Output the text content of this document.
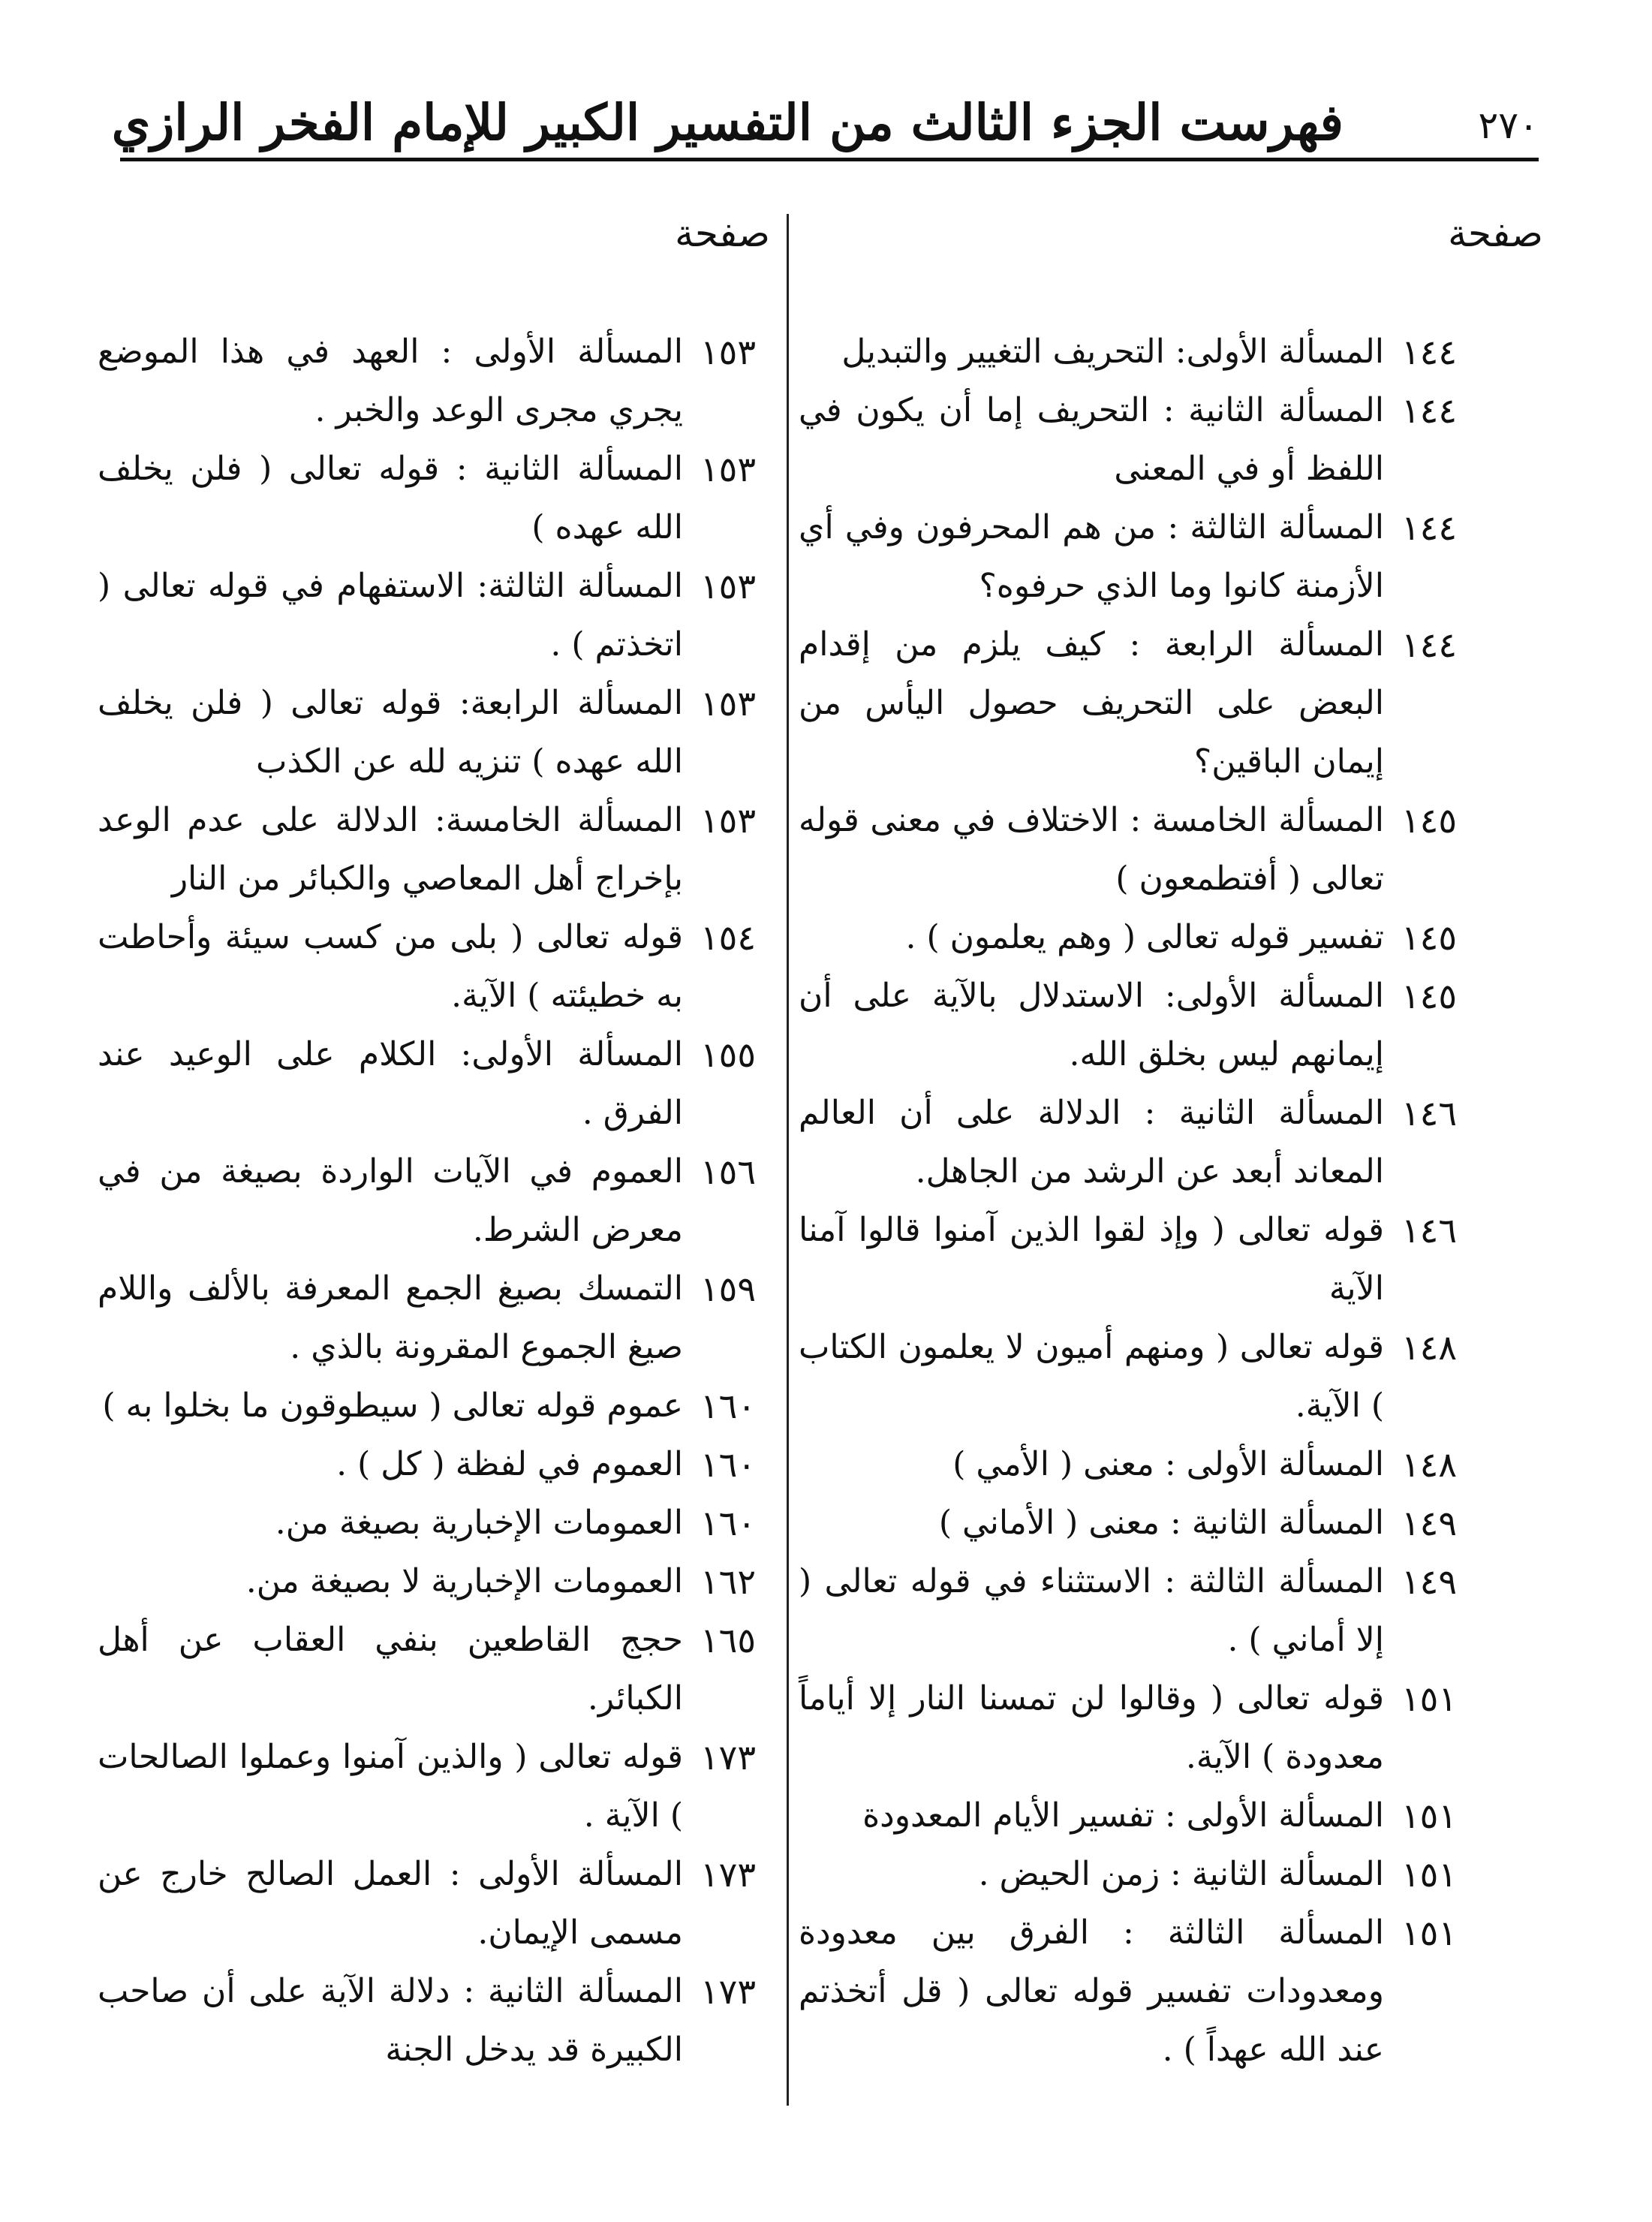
فهرست الجزء الثالث من التفسير الكبير للإمام الفخر الرازي	٢٧٠
صفحة
صفحة
١٤٤
المسألة الأولى: التحريف التغيير والتبديل
١٤٤
المسألة الثانية : التحريف إما أن يكون في اللفظ أو في المعنى
١٤٤
المسألة الثالثة : من هم المحرفون وفي أي الأزمنة كانوا وما الذي حرفوه؟
١٤٤
المسألة الرابعة : كيف يلزم من إقدام البعض على التحريف حصول اليأس من إيمان الباقين؟
١٤٥
المسألة الخامسة : الاختلاف في معنى قوله تعالى ( أفتطمعون )
١٤٥
تفسير قوله تعالى ( وهم يعلمون ) .
١٤٥
المسألة الأولى: الاستدلال بالآية على أن إيمانهم ليس بخلق الله.
١٤٦
المسألة الثانية : الدلالة على أن العالم المعاند أبعد عن الرشد من الجاهل.
١٤٦
قوله تعالى ( وإذ لقوا الذين آمنوا قالوا آمنا الآية
١٤٨
قوله تعالى ( ومنهم أميون لا يعلمون الكتاب ) الآية.
١٤٨
المسألة الأولى : معنى ( الأمي )
١٤٩
المسألة الثانية : معنى ( الأماني )
١٤٩
المسألة الثالثة : الاستثناء في قوله تعالى ( إلا أماني ) .
١٥١
قوله تعالى ( وقالوا لن تمسنا النار إلا أياماً معدودة ) الآية.
١٥١
المسألة الأولى : تفسير الأيام المعدودة
١٥١
المسألة الثانية : زمن الحيض .
١٥١
المسألة الثالثة : الفرق بين معدودة ومعدودات تفسير قوله تعالى ( قل أتخذتم عند الله عهداً ) .
١٥٣
المسألة الأولى : العهد في هذا الموضع يجري مجرى الوعد والخبر .
١٥٣
المسألة الثانية : قوله تعالى ( فلن يخلف الله عهده )
١٥٣
المسألة الثالثة: الاستفهام في قوله تعالى ( اتخذتم ) .
١٥٣
المسألة الرابعة: قوله تعالى ( فلن يخلف الله عهده ) تنزيه لله عن الكذب
١٥٣
المسألة الخامسة: الدلالة على عدم الوعد بإخراج أهل المعاصي والكبائر من النار
١٥٤
قوله تعالى ( بلى من كسب سيئة وأحاطت به خطيئته ) الآية.
١٥٥
المسألة الأولى: الكلام على الوعيد عند الفرق .
١٥٦
العموم في الآيات الواردة بصيغة من في معرض الشرط.
١٥٩
التمسك بصيغ الجمع المعرفة بالألف واللام صيغ الجموع المقرونة بالذي .
١٦٠
عموم قوله تعالى ( سيطوقون ما بخلوا به )
١٦٠
العموم في لفظة ( كل ) .
١٦٠
العمومات الإخبارية بصيغة من.
١٦٢
العمومات الإخبارية لا بصيغة من.
١٦٥
حجج القاطعين بنفي العقاب عن أهل الكبائر.
١٧٣
قوله تعالى ( والذين آمنوا وعملوا الصالحات ) الآية .
١٧٣
المسألة الأولى : العمل الصالح خارج عن مسمى الإيمان.
١٧٣
المسألة الثانية : دلالة الآية على أن صاحب الكبيرة قد يدخل الجنة
